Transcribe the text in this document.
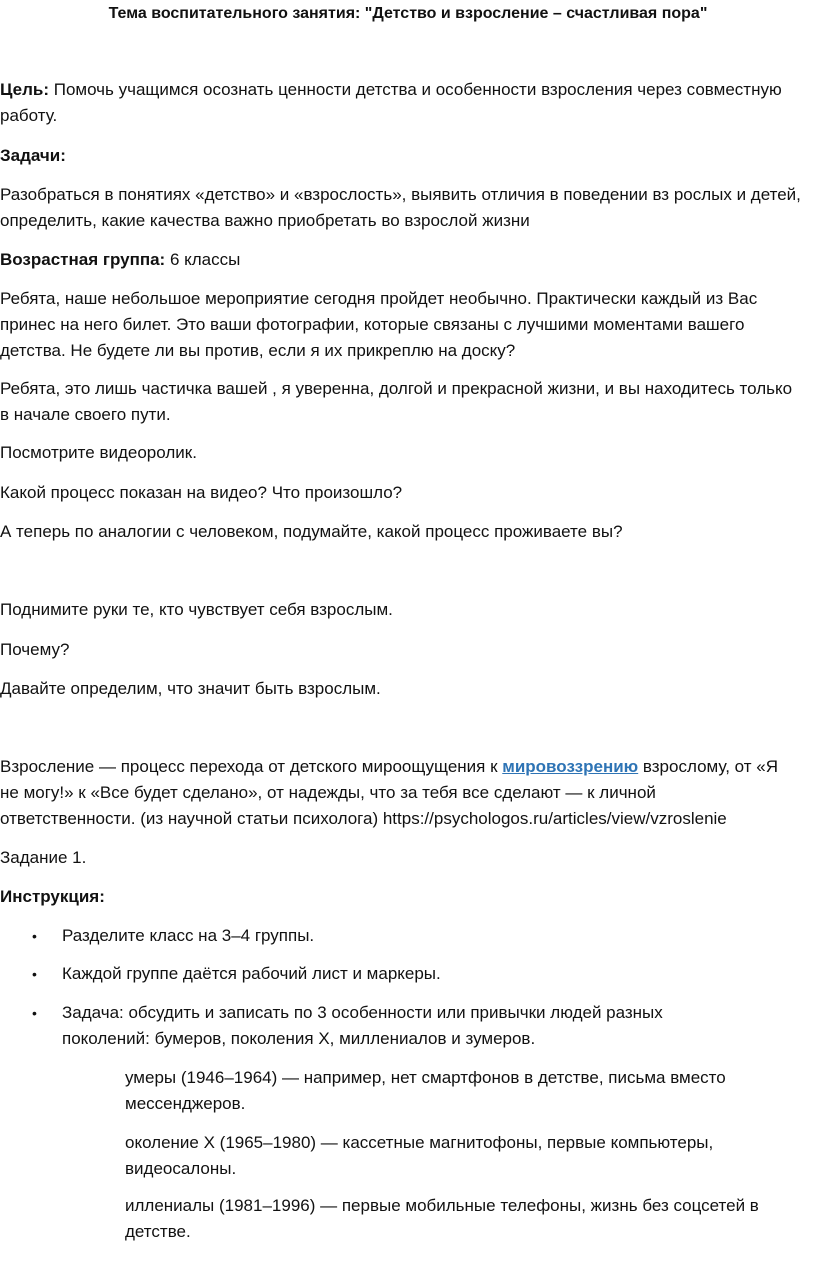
Тема воспитательного занятия: "Детство и взросление – счастливая пора"
Цель: Помочь учащимся осознать ценности детства и особенности взросления через совместную
работу.
Задачи:
Разобраться в понятиях «детство» и «взрослость», выявить отличия в поведении вз рослых и детей,
определить, какие качества важно приобретать во взрослой жизни
Возрастная группа: 6 классы
Ребята, наше небольшое мероприятие сегодня пройдет необычно. Практически каждый из Вас
принес на него билет. Это ваши фотографии, которые связаны с лучшими моментами вашего
детства. Не будете ли вы против, если я их прикреплю на доску?
Ребята, это лишь частичка вашей , я уверенна, долгой и прекрасной жизни, и вы находитесь только
в начале своего пути.
Посмотрите видеоролик.
Какой процесс показан на видео? Что произошло?
А теперь по аналогии с человеком, подумайте, какой процесс проживаете вы?
Поднимите руки те, кто чувствует себя взрослым.
Почему?
Давайте определим, что значит быть взрослым.
Взросление — процесс перехода от детского мироощущения к мировоззрению взрослому, от «Я
не могу!» к «Все будет сделано», от надежды, что за тебя все сделают — к личной
ответственности. (из научной статьи психолога) https://psychologos.ru/articles/view/vzroslenie
Задание 1.
Инструкция:
• Разделите класс на 3–4 группы.
• Каждой группе даётся рабочий лист и маркеры.
• Задача: обсудить и записать по 3 особенности или привычки людей разных
поколений: бумеров, поколения X, миллениалов и зумеров.
умеры (1946–1964) — например, нет смартфонов в детстве, письма вместо
мессенджеров.
околение X (1965–1980) — кассетные магнитофоны, первые компьютеры,
видеосалоны.
иллениалы (1981–1996) — первые мобильные телефоны, жизнь без соцсетей в
детстве.
